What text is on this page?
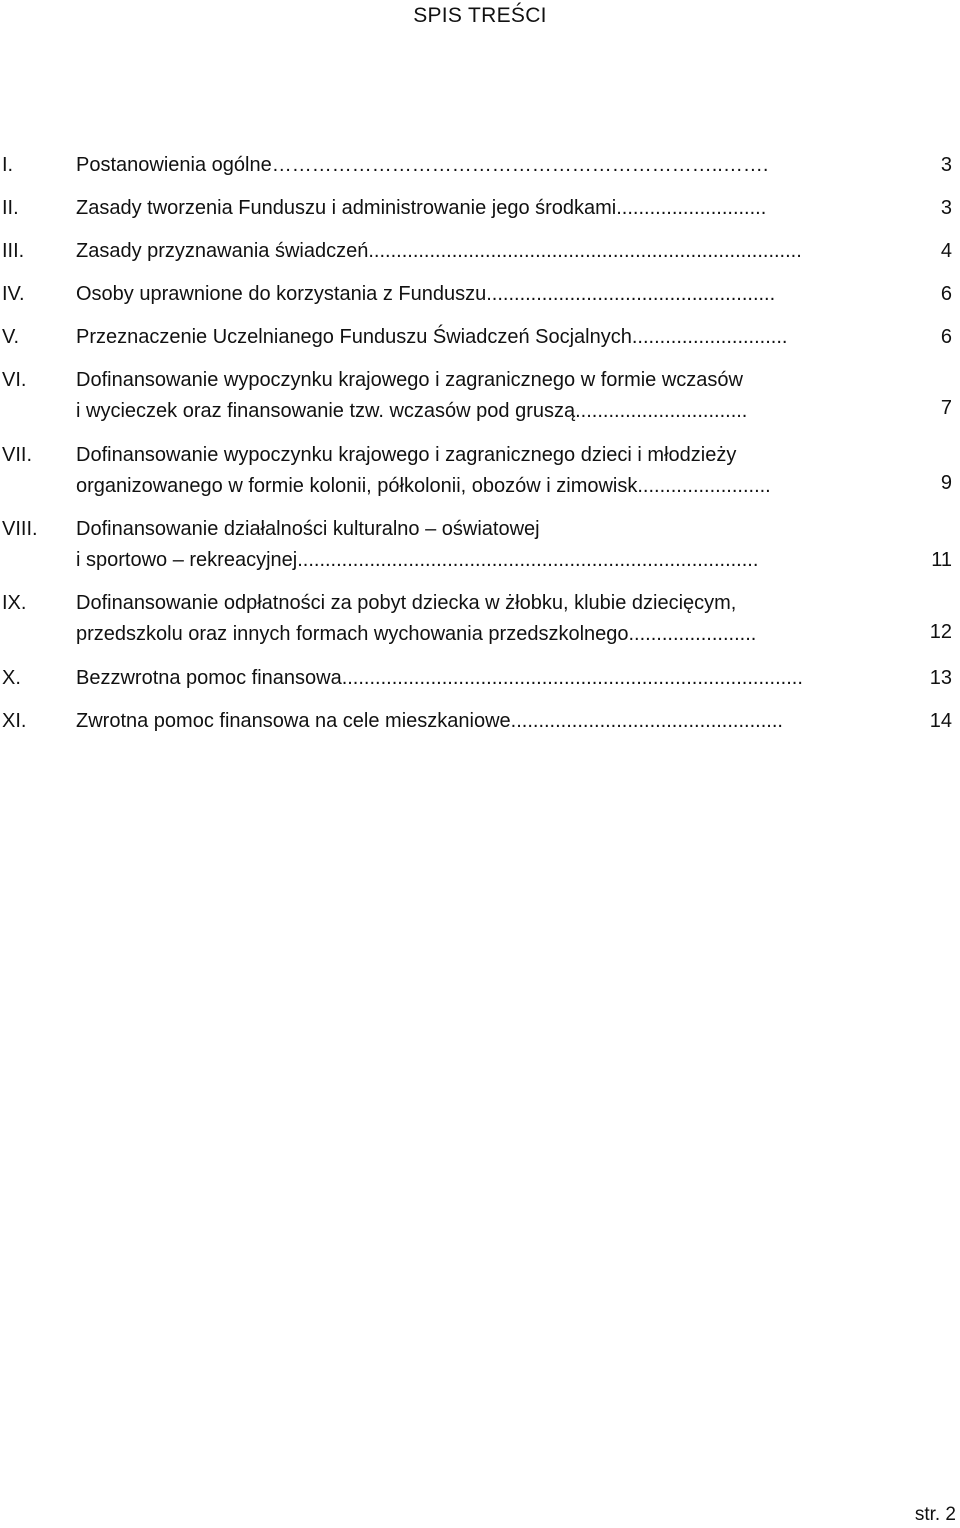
SPIS TREŚCI
I.	Postanowienia ogólne…………………………………………………………..…….	3
II.	Zasady tworzenia Funduszu i administrowanie jego środkami...........................	3
III.	Zasady przyznawania świadczeń..............................................................................	4
IV.	Osoby uprawnione do korzystania z Funduszu....................................................	6
V.	Przeznaczenie Uczelnianego Funduszu Świadczeń Socjalnych............................	6
VI. Dofinansowanie wypoczynku krajowego i zagranicznego w formie wczasów
i wycieczek oraz finansowanie tzw. wczasów pod gruszą...............................	7
VII. Dofinansowanie wypoczynku krajowego i zagranicznego dzieci i młodzieży
organizowanego w formie kolonii, półkolonii, obozów i zimowisk........................	9
VIII. Dofinansowanie działalności kulturalno – oświatowej
i sportowo – rekreacyjnej...................................................................................	11
IX. Dofinansowanie odpłatności za pobyt dziecka w żłobku, klubie dziecięcym,
przedszkolu oraz innych formach wychowania przedszkolnego.......................	12
X.	Bezzwrotna pomoc finansowa...................................................................................	13
XI. Zwrotna pomoc finansowa na cele mieszkaniowe.................................................	14
str. 2
